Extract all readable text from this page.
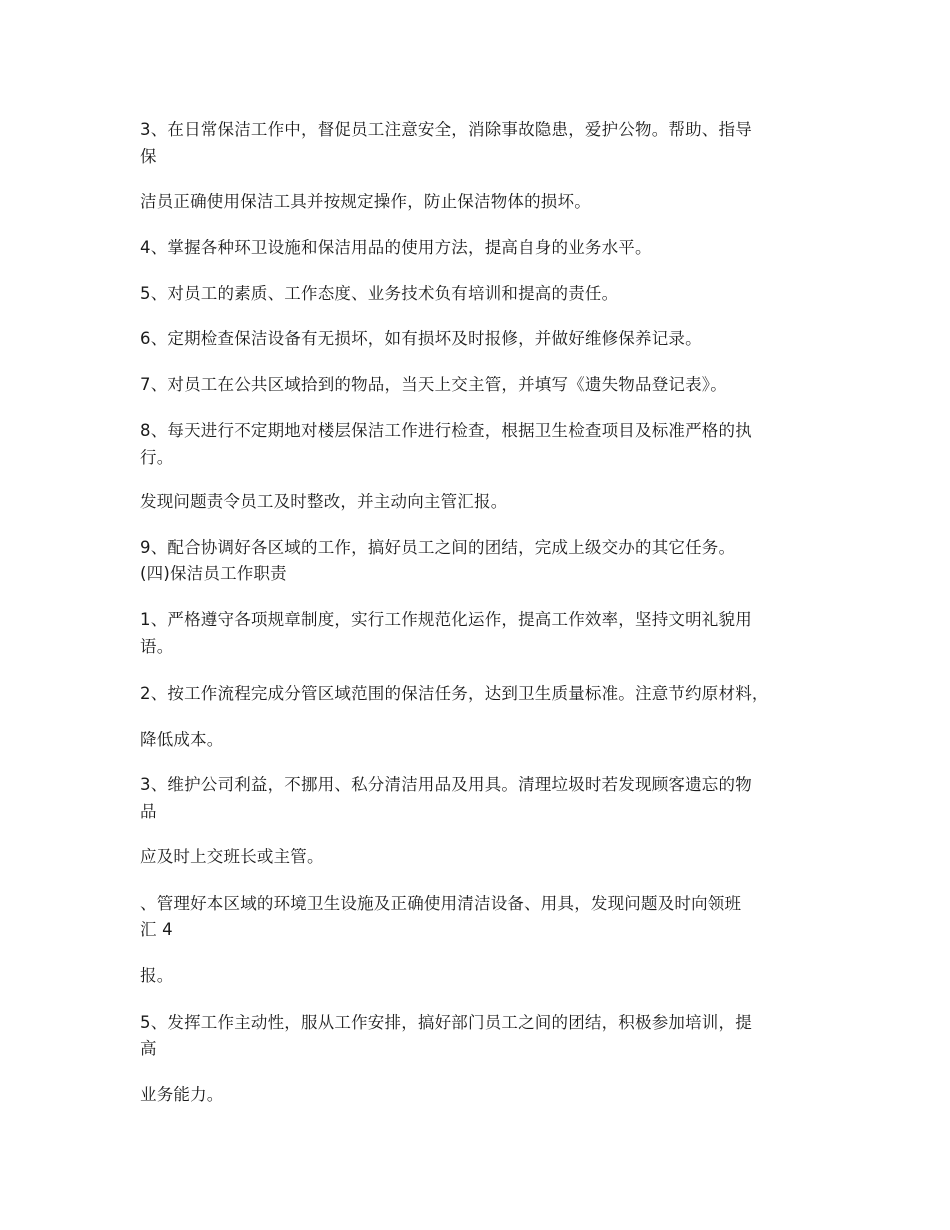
3、在日常保洁工作中，督促员工注意安全，消除事故隐患，爱护公物。帮助、指导

保

洁员正确使用保洁工具并按规定操作，防止保洁物体的损坏。

4、掌握各种环卫设施和保洁用品的使用方法，提高自身的业务水平。

5、对员工的素质、工作态度、业务技术负有培训和提高的责任。

6、定期检查保洁设备有无损坏，如有损坏及时报修，并做好维修保养记录。

7、对员工在公共区域拾到的物品，当天上交主管，并填写《遗失物品登记表》。

8、每天进行不定期地对楼层保洁工作进行检查，根据卫生检查项目及标准严格的执

行。

发现问题责令员工及时整改，并主动向主管汇报。

9、配合协调好各区域的工作，搞好员工之间的团结，完成上级交办的其它任务。

(四)保洁员工作职责

1、严格遵守各项规章制度，实行工作规范化运作，提高工作效率，坚持文明礼貌用

语。

2、按工作流程完成分管区域范围的保洁任务，达到卫生质量标准。注意节约原材料，

降低成本。

3、维护公司利益，不挪用、私分清洁用品及用具。清理垃圾时若发现顾客遗忘的物

品

应及时上交班长或主管。

、管理好本区域的环境卫生设施及正确使用清洁设备、用具，发现问题及时向领班

汇 4

报。

5、发挥工作主动性，服从工作安排，搞好部门员工之间的团结，积极参加培训，提

高

业务能力。
